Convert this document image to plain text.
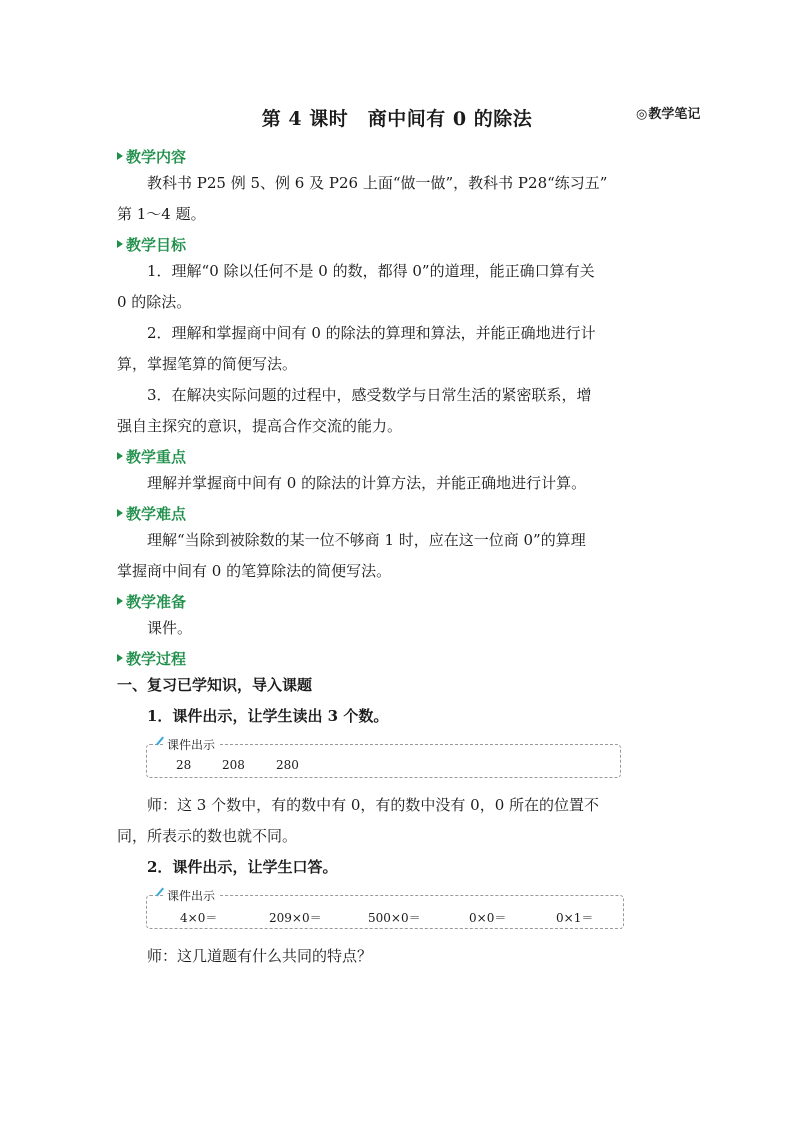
第 4 课时　商中间有 0 的除法	◎教学笔记
教学内容

教科书 P25 例 5、例 6 及 P26 上面“做一做”，教科书 P28“练习五”

第 1～4 题。

教学目标

1．理解“0 除以任何不是 0 的数，都得 0”的道理，能正确口算有关

0 的除法。

2．理解和掌握商中间有 0 的除法的算理和算法，并能正确地进行计

算，掌握笔算的简便写法。

3．在解决实际问题的过程中，感受数学与日常生活的紧密联系，增

强自主探究的意识，提高合作交流的能力。

教学重点

理解并掌握商中间有 0 的除法的计算方法，并能正确地进行计算。

教学难点

理解“当除到被除数的某一位不够商 1 时，应在这一位商 0”的算理

掌握商中间有 0 的笔算除法的简便写法。

教学准备

课件。

教学过程

一、复习已学知识，导入课题

1．课件出示，让学生读出 3 个数。

课件出示
28	208	280

师：这 3 个数中，有的数中有 0，有的数中没有 0，0 所在的位置不

同，所表示的数也就不同。

2．课件出示，让学生口答。

课件出示
4×0＝	209×0＝	500×0＝	0×0＝	0×1＝

师：这几道题有什么共同的特点？
